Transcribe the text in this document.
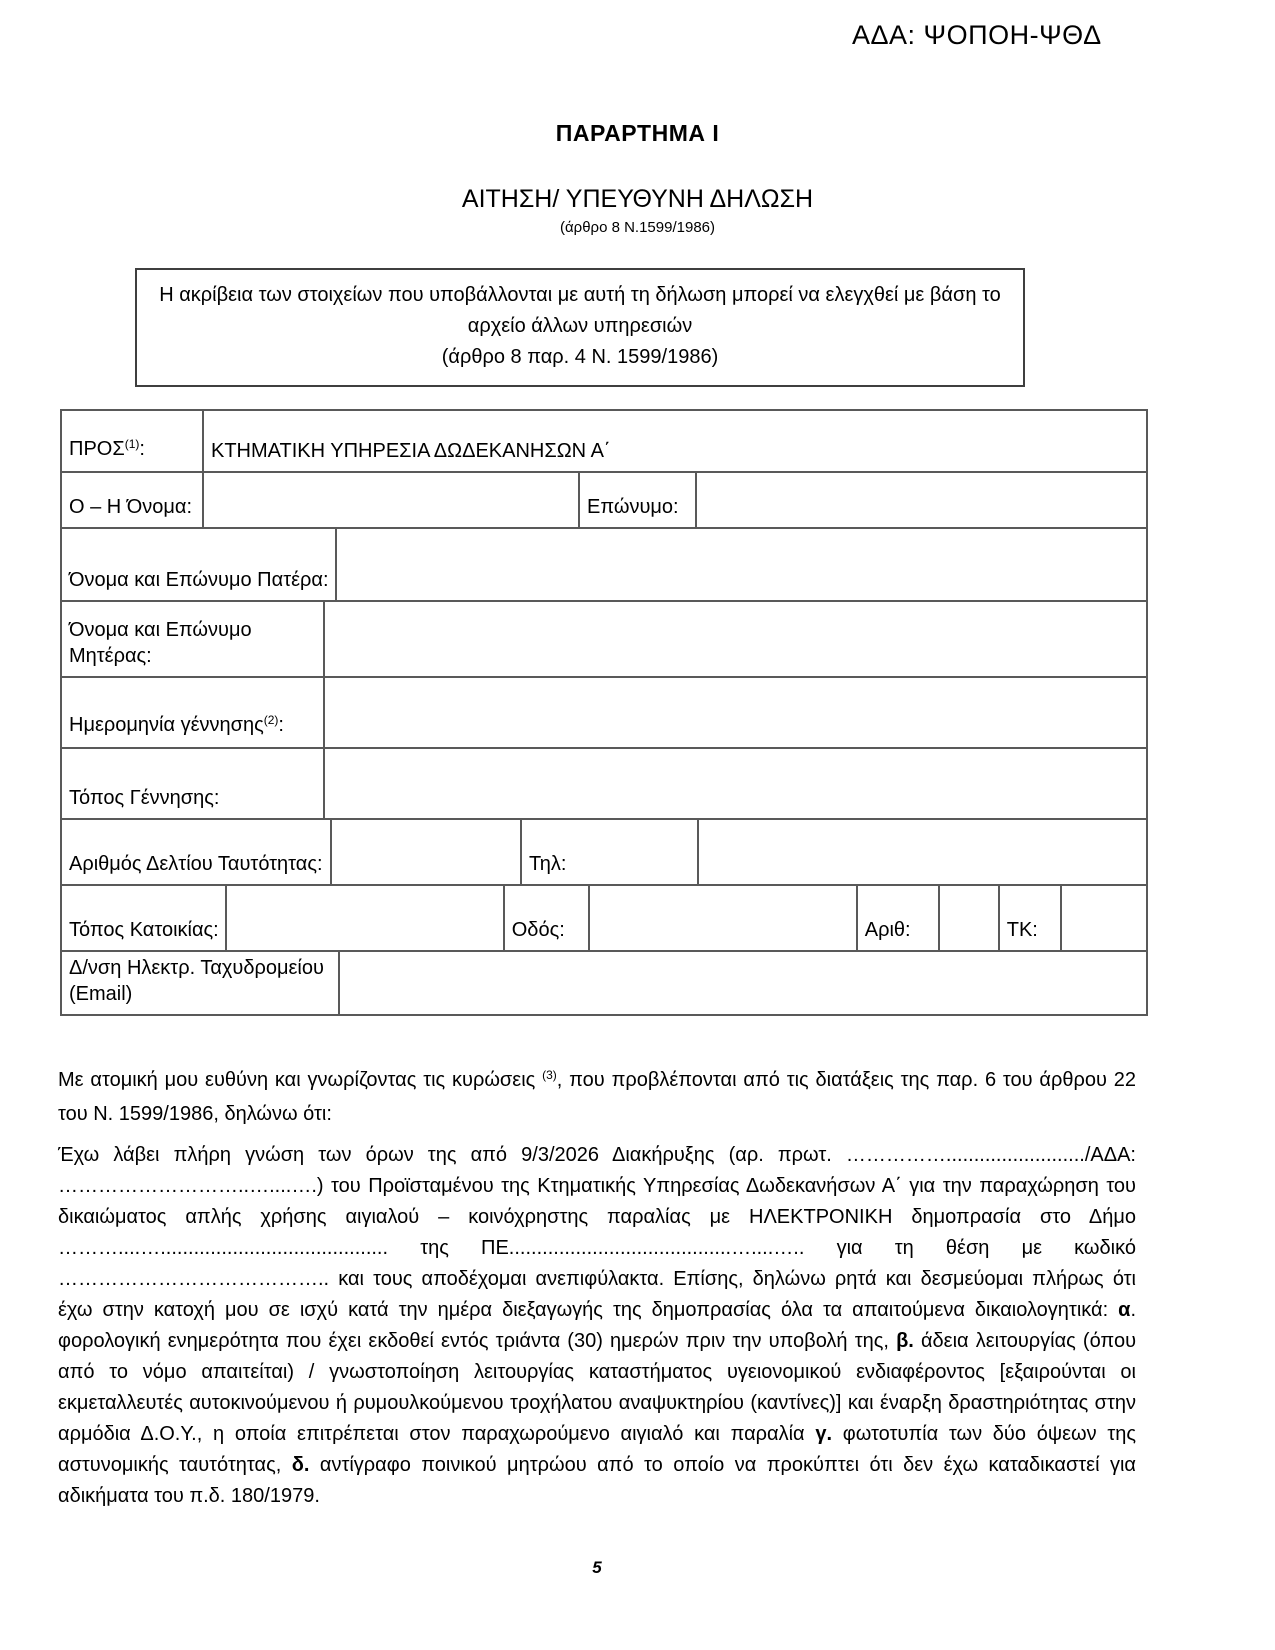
ΑΔΑ: ΨΟΠΟΗ-ΨΘΔ
ΠΑΡΑΡΤΗΜΑ Ι
ΑΙΤΗΣΗ/ ΥΠΕΥΘΥΝΗ ΔΗΛΩΣΗ
(άρθρο 8 Ν.1599/1986)
Η ακρίβεια των στοιχείων που υποβάλλονται με αυτή τη δήλωση μπορεί να ελεγχθεί με βάση το
αρχείο άλλων υπηρεσιών
(άρθρο 8 παρ. 4 Ν. 1599/1986)
ΠΡΟΣ$^{(1)}$:	ΚΤΗΜΑΤΙΚΗ ΥΠΗΡΕΣΙΑ ΔΩΔΕΚΑΝΗΣΩΝ Α΄
Ο – Η Όνομα:	Επώνυμο:
Όνομα και Επώνυμο Πατέρα:
Όνομα και Επώνυμο
Μητέρας:
Ημερομηνία γέννησης$^{(2)}$:
Τόπος Γέννησης:
Αριθμός Δελτίου Ταυτότητας:	Τηλ:
Τόπος Κατοικίας:	Οδός:	Αριθ:	ΤΚ:
Δ/νση Ηλεκτρ. Ταχυδρομείου
(Email)

Με ατομική μου ευθύνη και γνωρίζοντας τις κυρώσεις $^{(3)}$, που προβλέπονται από τις διατάξεις της παρ. 6 του άρθρου 22 του Ν. 1599/1986, δηλώνω ότι:

Έχω λάβει πλήρη γνώση των όρων της από 9/3/2026 Διακήρυξης (αρ. πρωτ. ……………........................./ΑΔΑ: ………………………..…....….) του Προϊσταμένου της Κτηματικής Υπηρεσίας Δωδεκανήσων Α΄ για την παραχώρηση του δικαιώματος απλής χρήσης αιγιαλού – κοινόχρηστης παραλίας με ΗΛΕΚΤΡΟΝΙΚΗ δημοπρασία στο Δήμο ………....…......................................... της ΠΕ........................................…....….. για τη θέση με κωδικό ………………………………….. και τους αποδέχομαι ανεπιφύλακτα. Επίσης, δηλώνω ρητά και δεσμεύομαι πλήρως ότι έχω στην κατοχή μου σε ισχύ κατά την ημέρα διεξαγωγής της δημοπρασίας όλα τα απαιτούμενα δικαιολογητικά: α. φορολογική ενημερότητα που έχει εκδοθεί εντός τριάντα (30) ημερών πριν την υποβολή της, β. άδεια λειτουργίας (όπου από το νόμο απαιτείται) / γνωστοποίηση λειτουργίας καταστήματος υγειονομικού ενδιαφέροντος [εξαιρούνται οι εκμεταλλευτές αυτοκινούμενου ή ρυμουλκούμενου τροχήλατου αναψυκτηρίου (καντίνες)] και έναρξη δραστηριότητας στην αρμόδια Δ.Ο.Υ., η οποία επιτρέπεται στον παραχωρούμενο αιγιαλό και παραλία γ. φωτοτυπία των δύο όψεων της αστυνομικής ταυτότητας, δ. αντίγραφο ποινικού μητρώου από το οποίο να προκύπτει ότι δεν έχω καταδικαστεί για αδικήματα του π.δ. 180/1979.

5
